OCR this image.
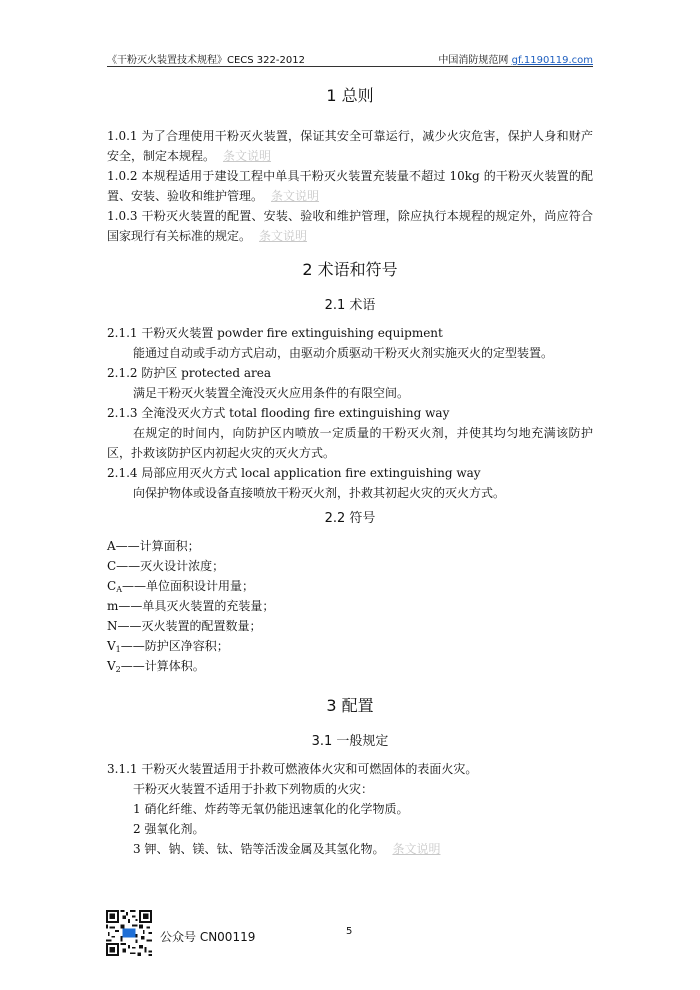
《干粉灭火装置技术规程》CECS 322-2012	中国消防规范网 gf.1190119.com
1 总则
1.0.1 为了合理使用干粉灭火装置，保证其安全可靠运行，减少火灾危害，保护人身和财产安全，制定本规程。 条文说明
1.0.2 本规程适用于建设工程中单具干粉灭火装置充装量不超过 10kg 的干粉灭火装置的配置、安装、验收和维护管理。 条文说明
1.0.3 干粉灭火装置的配置、安装、验收和维护管理，除应执行本规程的规定外，尚应符合国家现行有关标准的规定。 条文说明
2 术语和符号
2.1 术语
2.1.1 干粉灭火装置 powder fire extinguishing equipment
能通过自动或手动方式启动，由驱动介质驱动干粉灭火剂实施灭火的定型装置。
2.1.2 防护区 protected area
满足干粉灭火装置全淹没灭火应用条件的有限空间。
2.1.3 全淹没灭火方式 total flooding fire extinguishing way
在规定的时间内，向防护区内喷放一定质量的干粉灭火剂，并使其均匀地充满该防护区，扑救该防护区内初起火灾的灭火方式。
2.1.4 局部应用灭火方式 local application fire extinguishing way
向保护物体或设备直接喷放干粉灭火剂，扑救其初起火灾的灭火方式。
2.2 符号
A——计算面积；
C——灭火设计浓度；
$C_A——$单位面积设计用量；
m——单具灭火装置的充装量；
N——灭火装置的配置数量；
$V_1——$防护区净容积；
$V_2——$计算体积。
3 配置
3.1 一般规定
3.1.1 干粉灭火装置适用于扑救可燃液体火灾和可燃固体的表面火灾。
干粉灭火装置不适用于扑救下列物质的火灾：
1 硝化纤维、炸药等无氧仍能迅速氧化的化学物质。
2 强氧化剂。
3 钾、钠、镁、钛、锆等活泼金属及其氢化物。 条文说明
公众号 CN00119	5
